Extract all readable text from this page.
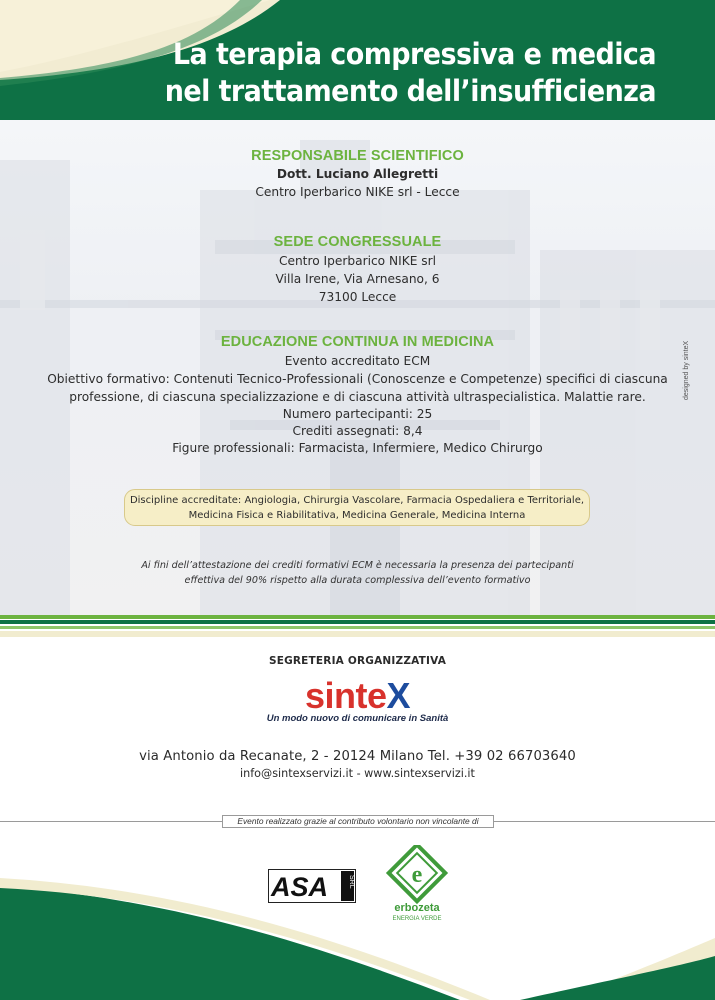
La terapia compressiva e medica
nel trattamento dell’insufficienza
RESPONSABILE SCIENTIFICO
Dott. Luciano Allegretti
Centro Iperbarico NIKE srl - Lecce
SEDE CONGRESSUALE
Centro Iperbarico NIKE srl
Villa Irene, Via Arnesano, 6
73100 Lecce
EDUCAZIONE CONTINUA IN MEDICINA
Evento accreditato ECM
Obiettivo formativo: Contenuti Tecnico-Professionali (Conoscenze e Competenze) specifici di ciascuna
professione, di ciascuna specializzazione e di ciascuna attività ultraspecialistica. Malattie rare.
Numero partecipanti: 25
Crediti assegnati: 8,4
Figure professionali: Farmacista, Infermiere, Medico Chirurgo
Discipline accreditate: Angiologia, Chirurgia Vascolare, Farmacia Ospedaliera e Territoriale,
Medicina Fisica e Riabilitativa, Medicina Generale, Medicina Interna
Ai fini dell’attestazione dei crediti formativi ECM è necessaria la presenza dei partecipanti
effettiva del 90% rispetto alla durata complessiva dell’evento formativo
designed by sinteX
SEGRETERIA ORGANIZZATIVA
sinteX
Un modo nuovo di comunicare in Sanità
via Antonio da Recanate, 2 - 20124 Milano Tel. +39 02 66703640
info@sintexservizi.it - www.sintexservizi.it
Evento realizzato grazie al contributo volontario non vincolante di
ASA	SRL e
erbozeta
ENERGIA VERDE
